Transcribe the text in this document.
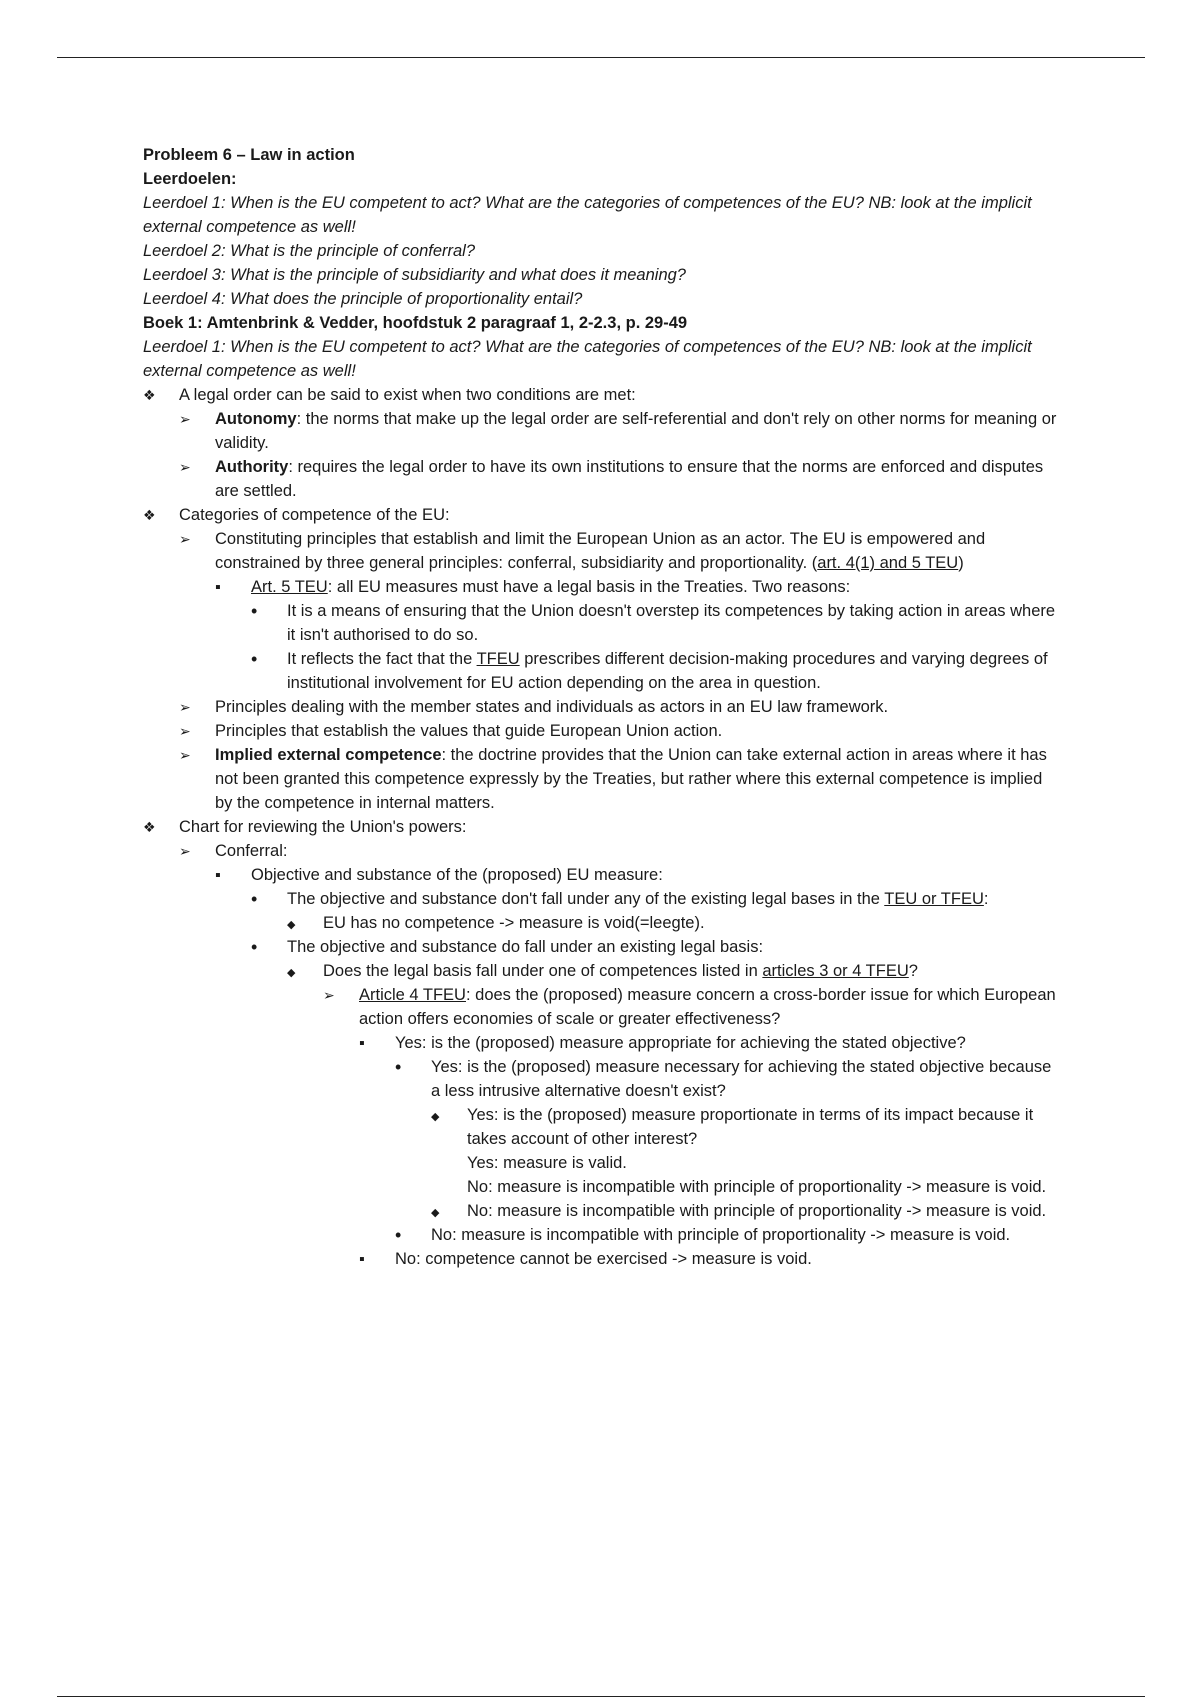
Probleem 6 – Law in action

Leerdoelen:

Leerdoel 1: When is the EU competent to act? What are the categories of competences of the EU? NB: look at the implicit external competence as well!

Leerdoel 2: What is the principle of conferral?

Leerdoel 3: What is the principle of subsidiarity and what does it meaning?

Leerdoel 4: What does the principle of proportionality entail?

Boek 1: Amtenbrink & Vedder, hoofdstuk 2 paragraaf 1, 2-2.3, p. 29-49

Leerdoel 1: When is the EU competent to act? What are the categories of competences of the EU? NB: look at the implicit external competence as well!

❖
A legal order can be said to exist when two conditions are met:
➢
Autonomy: the norms that make up the legal order are self-referential and don't rely on other norms for meaning or validity.
➢
Authority: requires the legal order to have its own institutions to ensure that the norms are enforced and disputes are settled.
❖
Categories of competence of the EU:
➢
Constituting principles that establish and limit the European Union as an actor. The EU is empowered and constrained by three general principles: conferral, subsidiarity and proportionality. (art. 4(1) and 5 TEU)
▪
Art. 5 TEU: all EU measures must have a legal basis in the Treaties. Two reasons:
•
It is a means of ensuring that the Union doesn't overstep its competences by taking action in areas where it isn't authorised to do so.
•
It reflects the fact that the TFEU prescribes different decision-making procedures and varying degrees of institutional involvement for EU action depending on the area in question.
➢
Principles dealing with the member states and individuals as actors in an EU law framework.
➢
Principles that establish the values that guide European Union action.
➢
Implied external competence: the doctrine provides that the Union can take external action in areas where it has not been granted this competence expressly by the Treaties, but rather where this external competence is implied by the competence in internal matters.
❖
Chart for reviewing the Union's powers:
➢
Conferral:
▪
Objective and substance of the (proposed) EU measure:
•
The objective and substance don't fall under any of the existing legal bases in the TEU or TFEU:
◆
EU has no competence -> measure is void(=leegte).
•
The objective and substance do fall under an existing legal basis:
◆
Does the legal basis fall under one of competences listed in articles 3 or 4 TFEU?
➢
Article 4 TFEU: does the (proposed) measure concern a cross-border issue for which European action offers economies of scale or greater effectiveness?
▪
Yes: is the (proposed) measure appropriate for achieving the stated objective?
•
Yes: is the (proposed) measure necessary for achieving the stated objective because a less intrusive alternative doesn't exist?
◆
Yes: is the (proposed) measure proportionate in terms of its impact because it takes account of other interest?
Yes: measure is valid.
No: measure is incompatible with principle of proportionality -> measure is void.
◆
No: measure is incompatible with principle of proportionality -> measure is void.
•
No: measure is incompatible with principle of proportionality -> measure is void.
▪
No: competence cannot be exercised -> measure is void.
